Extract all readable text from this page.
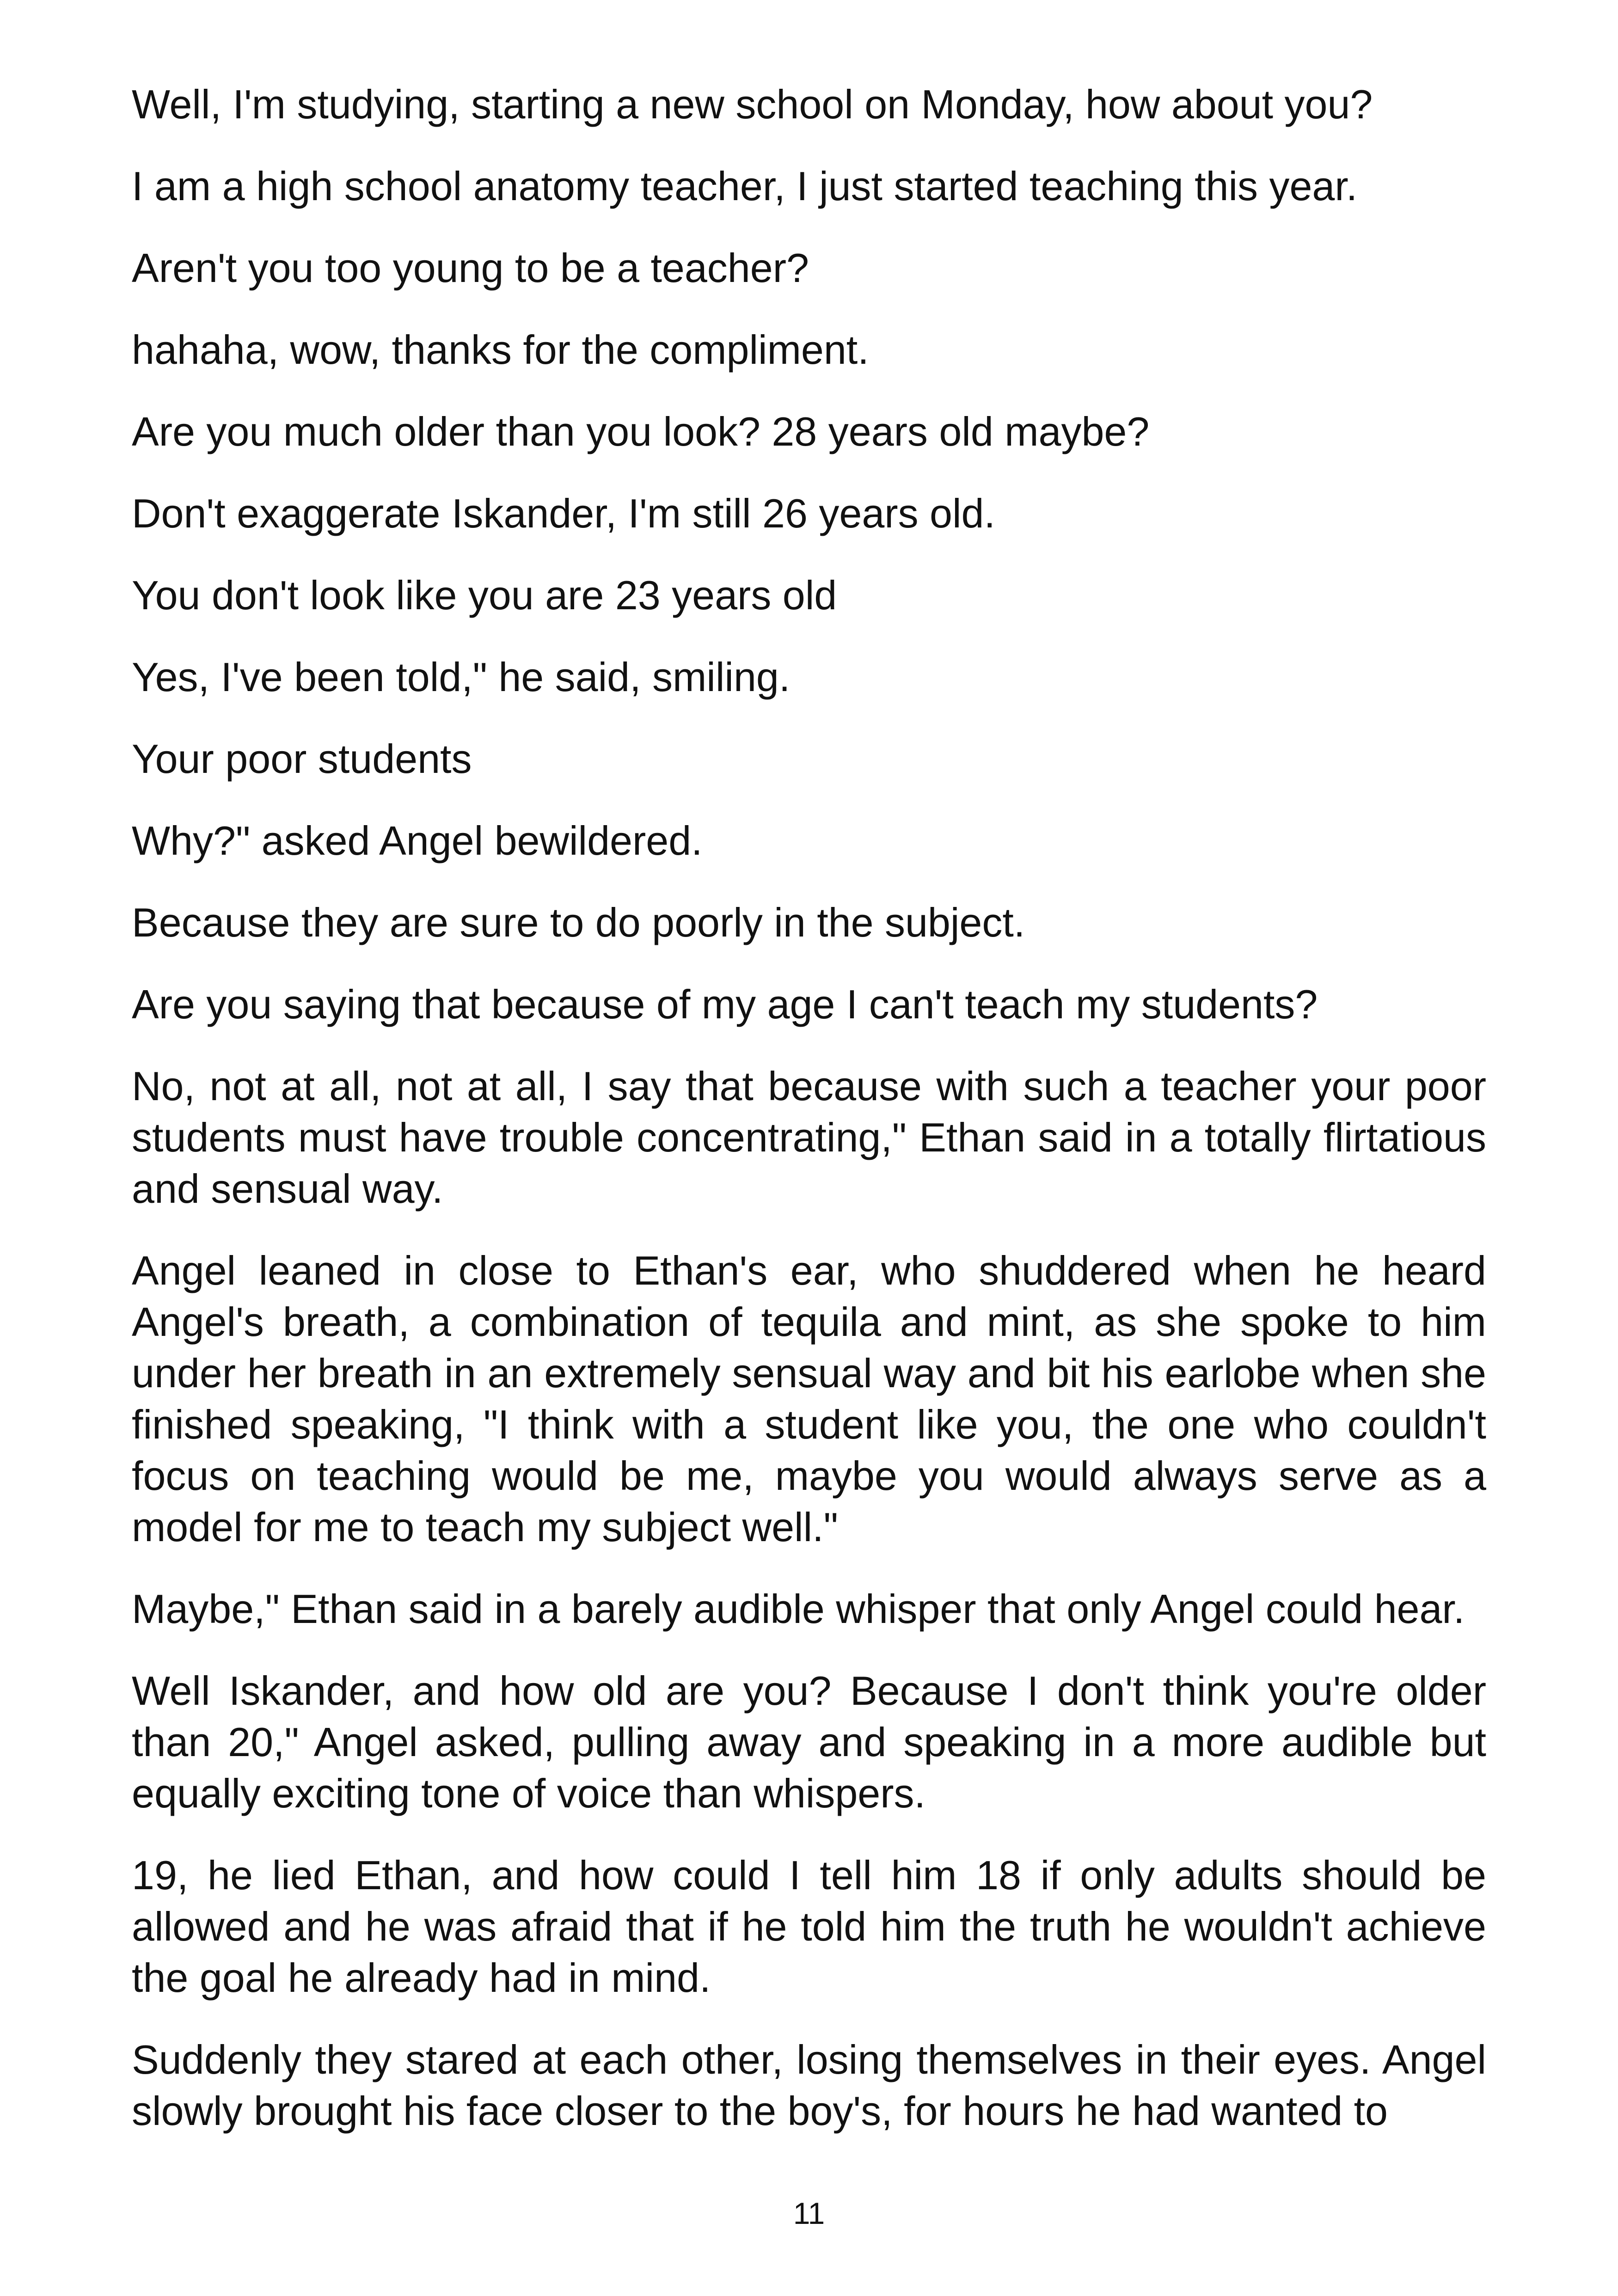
Well, I'm studying, starting a new school on Monday, how about you?

I am a high school anatomy teacher, I just started teaching this year.

Aren't you too young to be a teacher?

hahaha, wow, thanks for the compliment.

Are you much older than you look? 28 years old maybe?

Don't exaggerate Iskander, I'm still 26 years old.

You don't look like you are 23 years old

Yes, I've been told," he said, smiling.

Your poor students

Why?" asked Angel bewildered.

Because they are sure to do poorly in the subject.

Are you saying that because of my age I can't teach my students?

No, not at all, not at all, I say that because with such a teacher your poor students must have trouble concentrating," Ethan said in a totally flirtatious and sensual way.

Angel leaned in close to Ethan's ear, who shuddered when he heard Angel's breath, a combination of tequila and mint, as she spoke to him under her breath in an extremely sensual way and bit his earlobe when she finished speaking, "I think with a student like you, the one who couldn't focus on teaching would be me, maybe you would always serve as a model for me to teach my subject well."

Maybe," Ethan said in a barely audible whisper that only Angel could hear.

Well Iskander, and how old are you? Because I don't think you're older than 20," Angel asked, pulling away and speaking in a more audible but equally exciting tone of voice than whispers.

19, he lied Ethan, and how could I tell him 18 if only adults should be allowed and he was afraid that if he told him the truth he wouldn't achieve the goal he already had in mind.

Suddenly they stared at each other, losing themselves in their eyes. Angel slowly brought his face closer to the boy's, for hours he had wanted to

11
